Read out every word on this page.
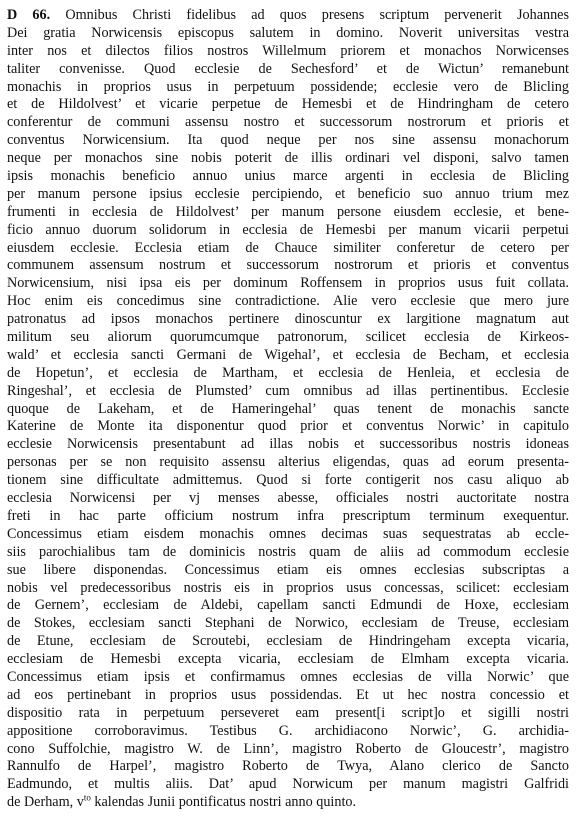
D 66. Omnibus Christi fidelibus ad quos presens scriptum pervenerit Johannes
Dei gratia Norwicensis episcopus salutem in domino. Noverit universitas vestra
inter nos et dilectos filios nostros Willelmum priorem et monachos Norwicenses
taliter convenisse. Quod ecclesie de Sechesford’ et de Wictun’ remanebunt
monachis in proprios usus in perpetuum possidende; ecclesie vero de Blicling
et de Hildolvest’ et vicarie perpetue de Hemesbi et de Hindringham de cetero
conferentur de communi assensu nostro et successorum nostrorum et prioris et
conventus Norwicensium. Ita quod neque per nos sine assensu monachorum
neque per monachos sine nobis poterit de illis ordinari vel disponi, salvo tamen
ipsis monachis beneficio annuo unius marce argenti in ecclesia de Blicling
per manum persone ipsius ecclesie percipiendo, et beneficio suo annuo trium mez
frumenti in ecclesia de Hildolvest’ per manum persone eiusdem ecclesie, et bene-
ficio annuo duorum solidorum in ecclesia de Hemesbi per manum vicarii perpetui
eiusdem ecclesie. Ecclesia etiam de Chauce similiter conferetur de cetero per
communem assensum nostrum et successorum nostrorum et prioris et conventus
Norwicensium, nisi ipsa eis per dominum Roffensem in proprios usus fuit collata.
Hoc enim eis concedimus sine contradictione. Alie vero ecclesie que mero jure
patronatus ad ipsos monachos pertinere dinoscuntur ex largitione magnatum aut
militum seu aliorum quorumcumque patronorum, scilicet ecclesia de Kirkeos-
wald’ et ecclesia sancti Germani de Wigehal’, et ecclesia de Becham, et ecclesia
de Hopetun’, et ecclesia de Martham, et ecclesia de Henleia, et ecclesia de
Ringeshal’, et ecclesia de Plumsted’ cum omnibus ad illas pertinentibus. Ecclesie
quoque de Lakeham, et de Hameringehal’ quas tenent de monachis sancte
Katerine de Monte ita disponentur quod prior et conventus Norwic’ in capitulo
ecclesie Norwicensis presentabunt ad illas nobis et successoribus nostris idoneas
personas per se non requisito assensu alterius eligendas, quas ad eorum presenta-
tionem sine difficultate admittemus. Quod si forte contigerit nos casu aliquo ab
ecclesia Norwicensi per vj menses abesse, officiales nostri auctoritate nostra
freti in hac parte officium nostrum infra prescriptum terminum exequentur.
Concessimus etiam eisdem monachis omnes decimas suas sequestratas ab eccle-
siis parochialibus tam de dominicis nostris quam de aliis ad commodum ecclesie
sue libere disponendas. Concessimus etiam eis omnes ecclesias subscriptas a
nobis vel predecessoribus nostris eis in proprios usus concessas, scilicet: ecclesiam
de Gernem’, ecclesiam de Aldebi, capellam sancti Edmundi de Hoxe, ecclesiam
de Stokes, ecclesiam sancti Stephani de Norwico, ecclesiam de Treuse, ecclesiam
de Etune, ecclesiam de Scroutebi, ecclesiam de Hindringeham excepta vicaria,
ecclesiam de Hemesbi excepta vicaria, ecclesiam de Elmham excepta vicaria.
Concessimus etiam ipsis et confirmamus omnes ecclesias de villa Norwic’ que
ad eos pertinebant in proprios usus possidendas. Et ut hec nostra concessio et
dispositio rata in perpetuum perseveret eam present[i script]o et sigilli nostri
appositione corroboravimus. Testibus G. archidiacono Norwic’, G. archidia-
cono Suffolchie, magistro W. de Linn’, magistro Roberto de Gloucestr’, magistro
Rannulfo de Harpel’, magistro Roberto de Twya, Alano clerico de Sancto
Eadmundo, et multis aliis. Dat’ apud Norwicum per manum magistri Galfridi
de Derham, $v^{to}$ kalendas Junii pontificatus nostri anno quinto.
